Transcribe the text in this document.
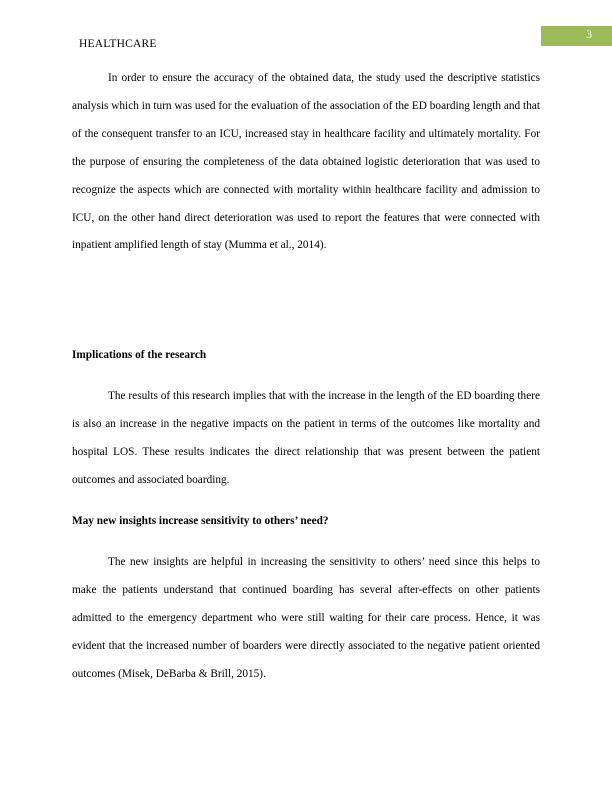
HEALTHCARE
3

In order to ensure the accuracy of the obtained data, the study used the descriptive statistics analysis which in turn was used for the evaluation of the association of the ED boarding length and that of the consequent transfer to an ICU, increased stay in healthcare facility and ultimately mortality. For the purpose of ensuring the completeness of the data obtained logistic deterioration that was used to recognize the aspects which are connected with mortality within healthcare facility and admission to ICU, on the other hand direct deterioration was used to report the features that were connected with inpatient amplified length of stay (Mumma et al., 2014).

Implications of the research

The results of this research implies that with the increase in the length of the ED boarding there is also an increase in the negative impacts on the patient in terms of the outcomes like mortality and hospital LOS. These results indicates the direct relationship that was present between the patient outcomes and associated boarding.

May new insights increase sensitivity to others’ need?

The new insights are helpful in increasing the sensitivity to others’ need since this helps to make the patients understand that continued boarding has several after-effects on other patients admitted to the emergency department who were still waiting for their care process. Hence, it was evident that the increased number of boarders were directly associated to the negative patient oriented outcomes (Misek, DeBarba & Brill, 2015).
